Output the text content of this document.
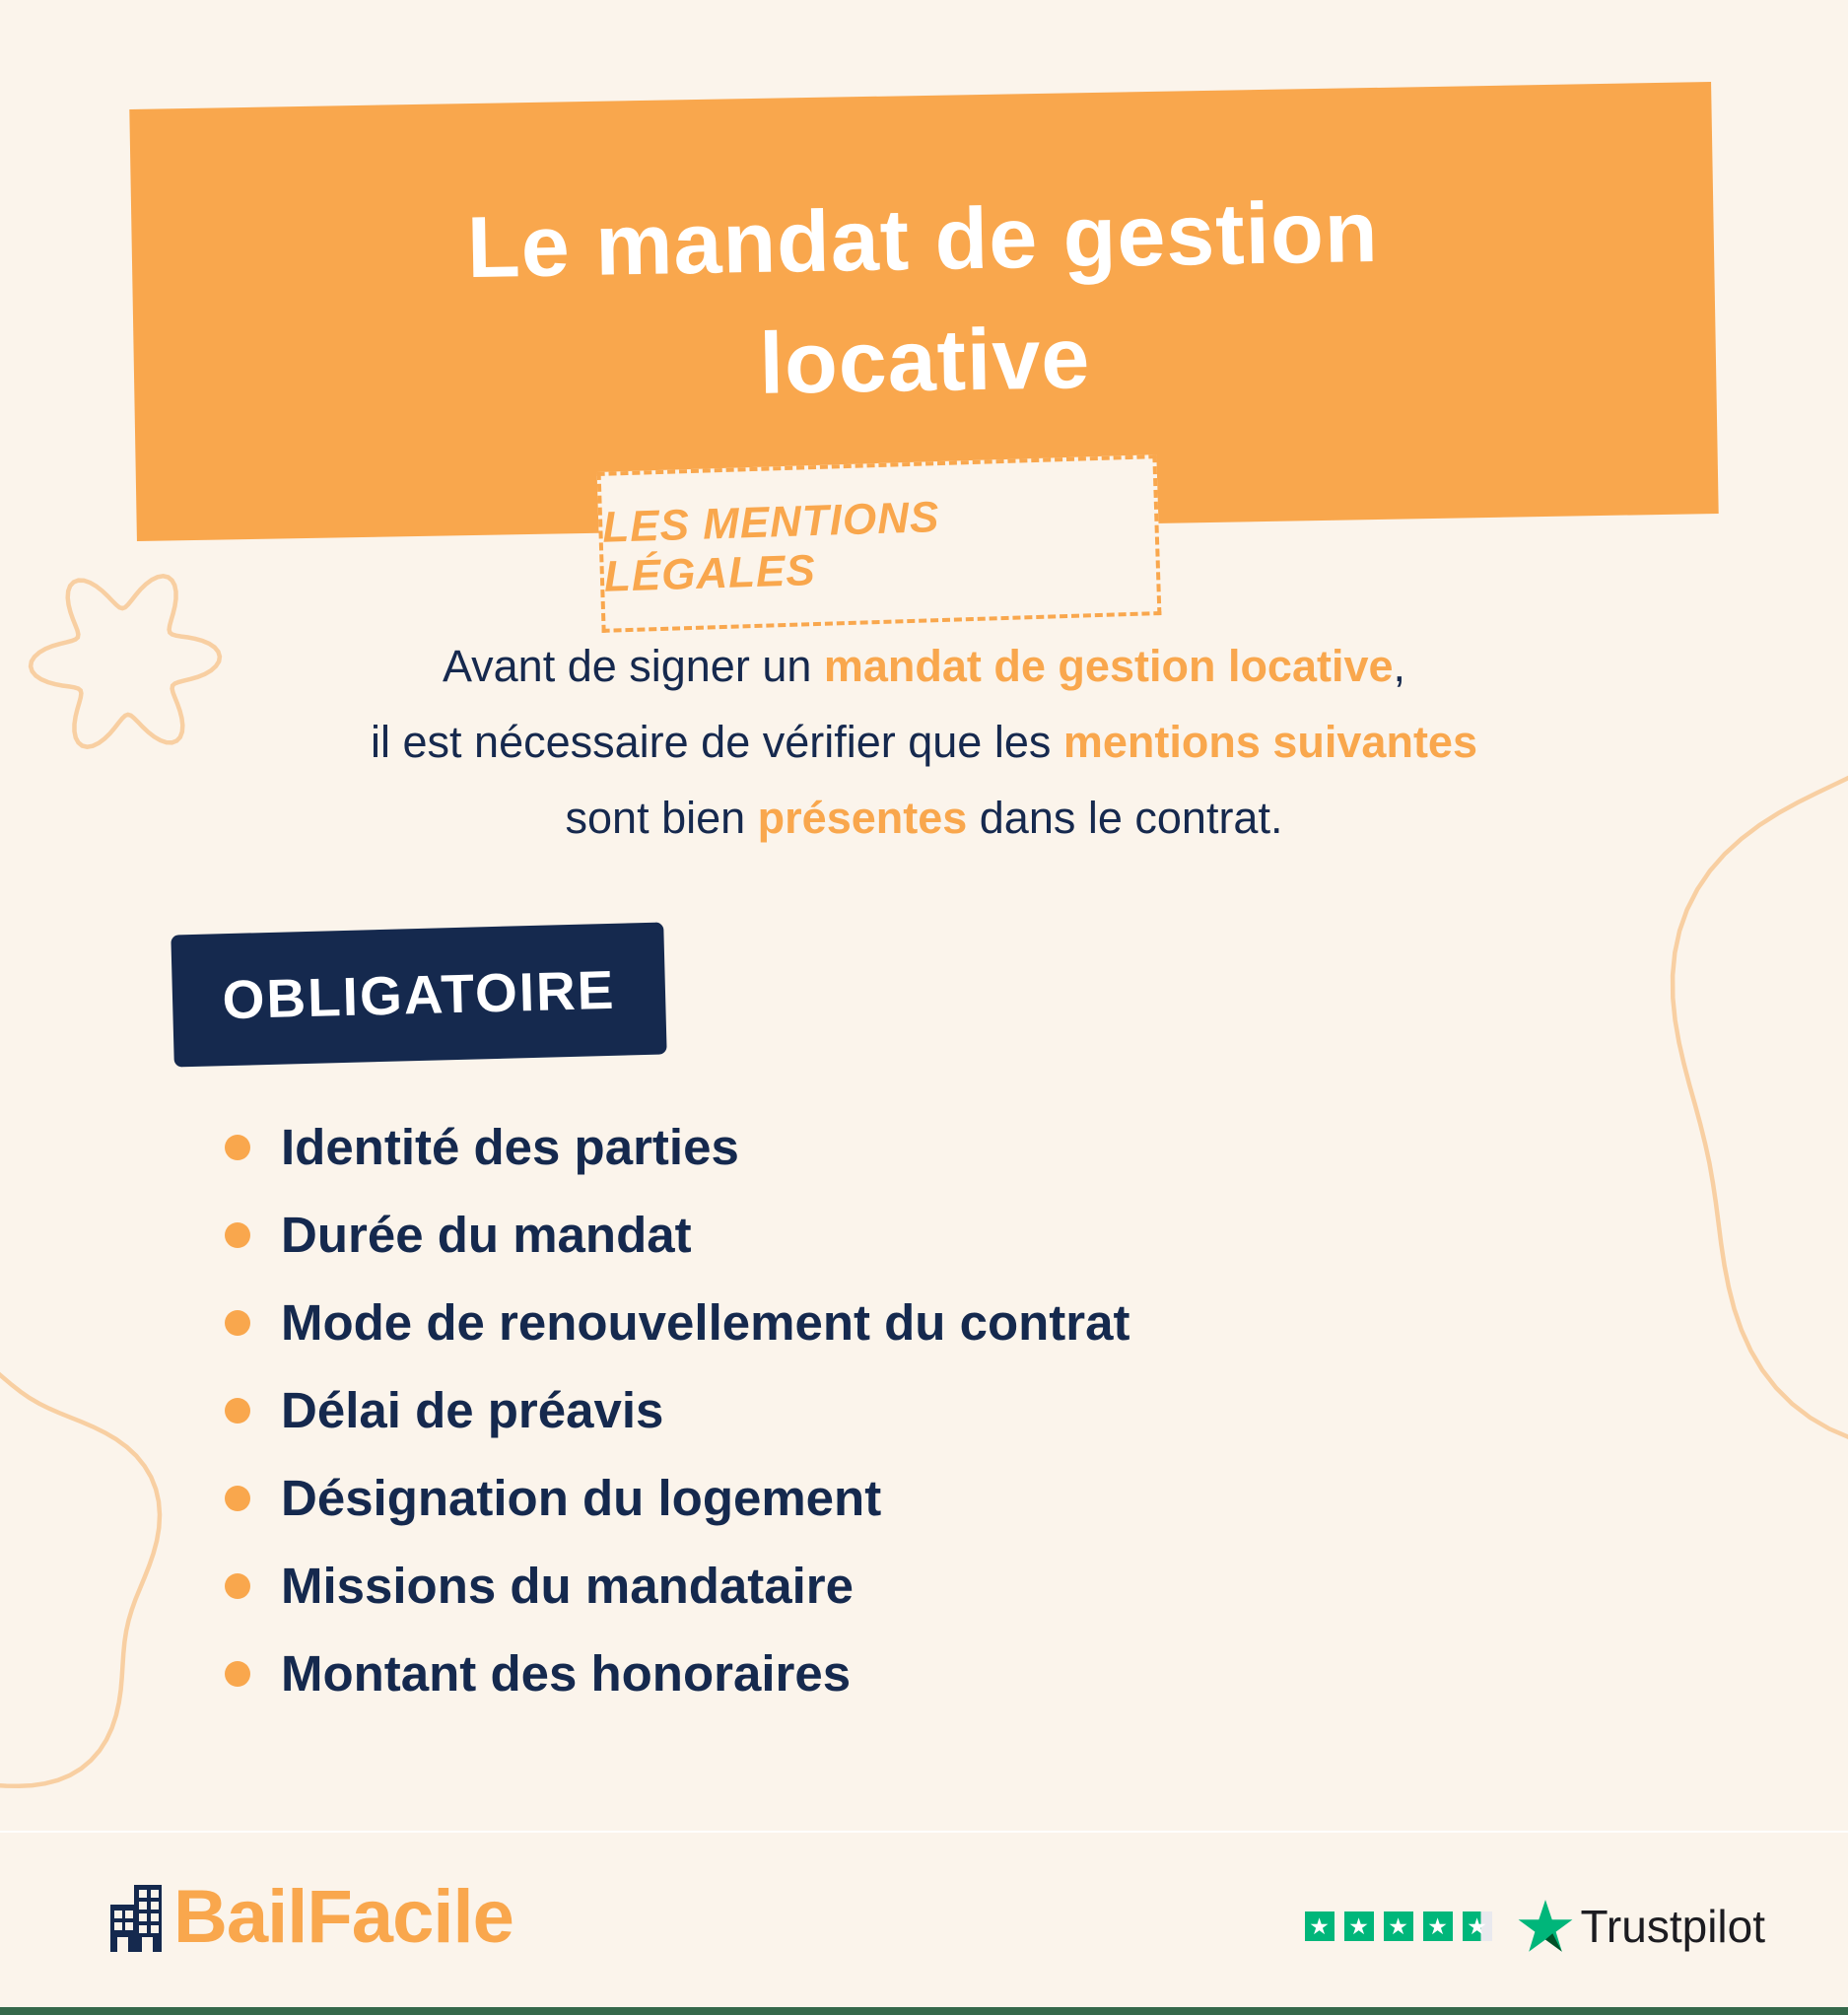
Le mandat de gestion
locative
LES MENTIONS LÉGALES

Avant de signer un mandat de gestion locative,
il est nécessaire de vérifier que les mentions suivantes
sont bien présentes dans le contrat.

OBLIGATOIRE
Identité des parties
Durée du mandat
Mode de renouvellement du contrat
Délai de préavis
Désignation du logement
Missions du mandataire
Montant des honoraires
BailFacile	★ ★ ★ ★ ★ Trustpilot
